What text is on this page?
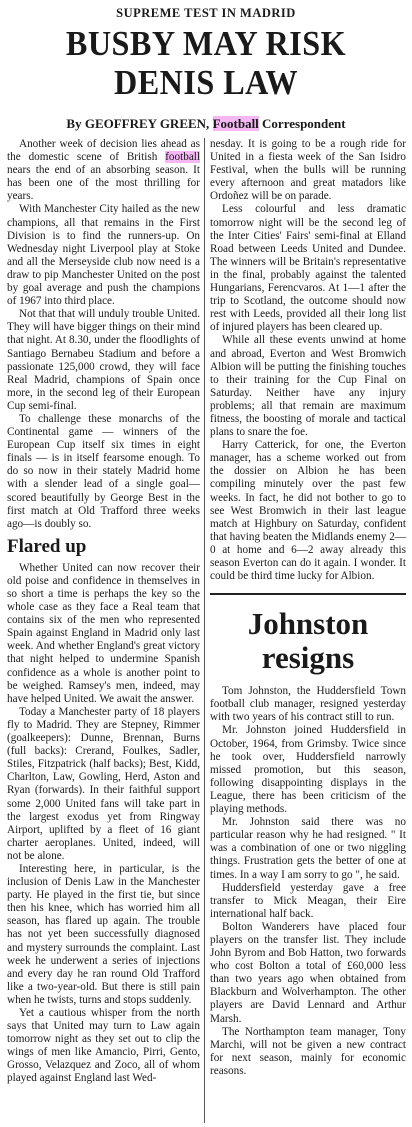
SUPREME TEST IN MADRID
BUSBY MAY RISK
DENIS LAW
By GEOFFREY GREEN, Football Correspondent

Another week of decision lies ahead as the domestic scene of British football nears the end of an absorbing season. It has been one of the most thrilling for years.

With Manchester City hailed as the new champions, all that remains in the First Division is to find the runners-up. On Wednesday night Liverpool play at Stoke and all the Merseyside club now need is a draw to pip Manchester United on the post by goal average and push the champions of 1967 into third place.

Not that that will unduly trouble United. They will have bigger things on their mind that night. At 8.30, under the floodlights of Santiago Bernabeu Stadium and before a passionate 125,000 crowd, they will face Real Madrid, champions of Spain once more, in the second leg of their European Cup semi-final.

To challenge these monarchs of the Continental game — winners of the European Cup itself six times in eight finals — is in itself fearsome enough. To do so now in their stately Madrid home with a slender lead of a single goal—scored beautifully by George Best in the first match at Old Trafford three weeks ago—is doubly so.

Flared up

Whether United can now recover their old poise and confidence in themselves in so short a time is perhaps the key so the whole case as they face a Real team that contains six of the men who represented Spain against England in Madrid only last week. And whether England's great victory that night helped to undermine Spanish confidence as a whole is another point to be weighed. Ramsey's men, indeed, may have helped United. We await the answer.

Today a Manchester party of 18 players fly to Madrid. They are Stepney, Rimmer (goalkeepers): Dunne, Brennan, Burns (full backs): Crerand, Foulkes, Sadler, Stiles, Fitzpatrick (half backs); Best, Kidd, Charlton, Law, Gowling, Herd, Aston and Ryan (forwards). In their faithful support some 2,000 United fans will take part in the largest exodus yet from Ringway Airport, uplifted by a fleet of 16 giant charter aeroplanes. United, indeed, will not be alone.

Interesting here, in particular, is the inclusion of Denis Law in the Manchester party. He played in the first tie, but since then his knee, which has worried him all season, has flared up again. The trouble has not yet been successfully diagnosed and mystery surrounds the complaint. Last week he underwent a series of injections and every day he ran round Old Trafford like a two-year-old. But there is still pain when he twists, turns and stops suddenly.

Yet a cautious whisper from the north says that United may turn to Law again tomorrow night as they set out to clip the wings of men like Amancio, Pirri, Gento, Grosso, Velazquez and Zoco, all of whom played against England last Wed-

nesday. It is going to be a rough ride for United in a fiesta week of the San Isidro Festival, when the bulls will be running every afternoon and great matadors like Ordoñez will be on parade.

Less colourful and less dramatic tomorrow night will be the second leg of the Inter Cities' Fairs' semi-final at Elland Road between Leeds United and Dundee. The winners will be Britain's representative in the final, probably against the talented Hungarians, Ferencvaros. At 1—1 after the trip to Scotland, the outcome should now rest with Leeds, provided all their long list of injured players has been cleared up.

While all these events unwind at home and abroad, Everton and West Bromwich Albion will be putting the finishing touches to their training for the Cup Final on Saturday. Neither have any injury problems; all that remain are maximum fitness, the boosting of morale and tactical plans to snare the foe.

Harry Catterick, for one, the Everton manager, has a scheme worked out from the dossier on Albion he has been compiling minutely over the past few weeks. In fact, he did not bother to go to see West Bromwich in their last league match at Highbury on Saturday, confident that having beaten the Midlands enemy 2—0 at home and 6—2 away already this season Everton can do it again. I wonder. It could be third time lucky for Albion.

Johnston
resigns

Tom Johnston, the Huddersfield Town football club manager, resigned yesterday with two years of his contract still to run.

Mr. Johnston joined Huddersfield in October, 1964, from Grimsby. Twice since he took over, Huddersfield narrowly missed promotion, but this season, following disappointing displays in the League, there has been criticism of the playing methods.

Mr. Johnston said there was no particular reason why he had resigned. " It was a combination of one or two niggling things. Frustration gets the better of one at times. In a way I am sorry to go ", he said.

Huddersfield yesterday gave a free transfer to Mick Meagan, their Eire international half back.

Bolton Wanderers have placed four players on the transfer list. They include John Byrom and Bob Hatton, two forwards who cost Bolton a total of £60,000 less than two years ago when obtained from Blackburn and Wolverhampton. The other players are David Lennard and Arthur Marsh.

The Northampton team manager, Tony Marchi, will not be given a new contract for next season, mainly for economic reasons.
